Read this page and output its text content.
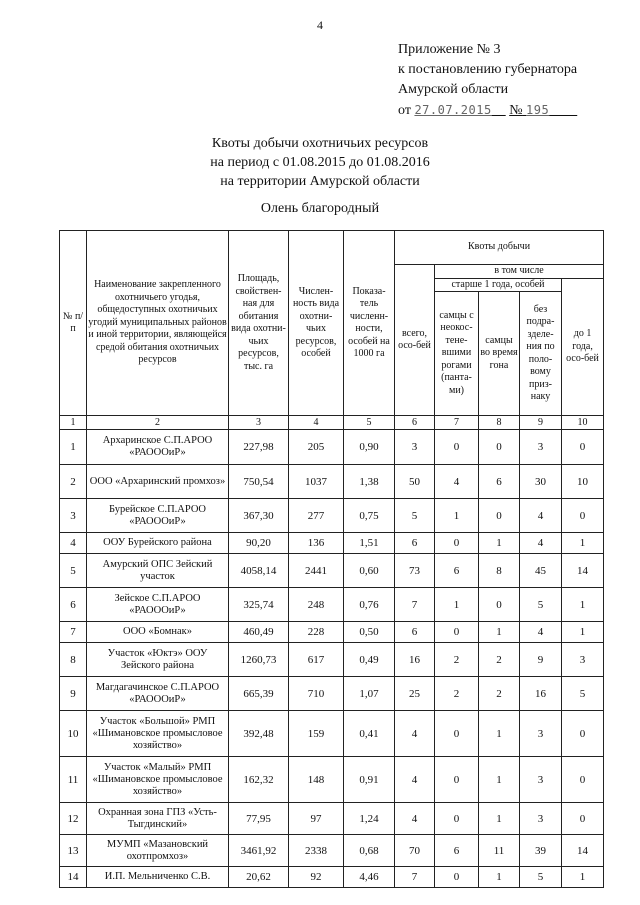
4
Приложение № 3
к постановлению губернатора
Амурской области
от 27.07.2015 № 195
Квоты добычи охотничьих ресурсов
на период с 01.08.2015 до 01.08.2016
на территории Амурской области
Олень благородный
№ п/п	Наименование закрепленного охотничьего угодья, общедоступных охотничьих угодий муниципальных районов и иной территории, являющейся средой обитания охотничьих ресурсов	Площадь, свойствен-ная для обитания вида охотни-чьих ресурсов, тыс. га	Числен-ность вида охотни-чьих ресурсов, особей	Показа-тель численн-ности, особей на 1000 га	Квоты добычи				
					всего, осо-бей	в том числе			
						старше 1 года, особей			до 1 года, осо-бей
						самцы с неокос-тене-вшими рогами (панта-ми)	самцы во время гона	без подра-зделе-ния по поло-вому приз-наку	
1	2	3	4	5	6	7	8	9	10
1	Архаринское С.П.АРОО «РАОООиР»	227,98	205	0,90	3	0	0	3	0
2	ООО «Архаринский промхоз»	750,54	1037	1,38	50	4	6	30	10
3	Бурейское С.П.АРОО «РАОООиР»	367,30	277	0,75	5	1	0	4	0
4	ООУ Бурейского района	90,20	136	1,51	6	0	1	4	1
5	Амурский ОПС Зейский участок	4058,14	2441	0,60	73	6	8	45	14
6	Зейское С.П.АРОО «РАОООиР»	325,74	248	0,76	7	1	0	5	1
7	ООО «Бомнак»	460,49	228	0,50	6	0	1	4	1
8	Участок «Юктэ» ООУ Зейского района	1260,73	617	0,49	16	2	2	9	3
9	Магдагачинское С.П.АРОО «РАОООиР»	665,39	710	1,07	25	2	2	16	5
10	Участок «Большой» РМП «Шимановское промысловое хозяйство»	392,48	159	0,41	4	0	1	3	0
11	Участок «Малый» РМП «Шимановское промысловое хозяйство»	162,32	148	0,91	4	0	1	3	0
12	Охранная зона ГПЗ «Усть-Тыгдинский»	77,95	97	1,24	4	0	1	3	0
13	МУМП «Мазановский охотпромхоз»	3461,92	2338	0,68	70	6	11	39	14
14	И.П. Мельниченко С.В.	20,62	92	4,46	7	0	1	5	1
